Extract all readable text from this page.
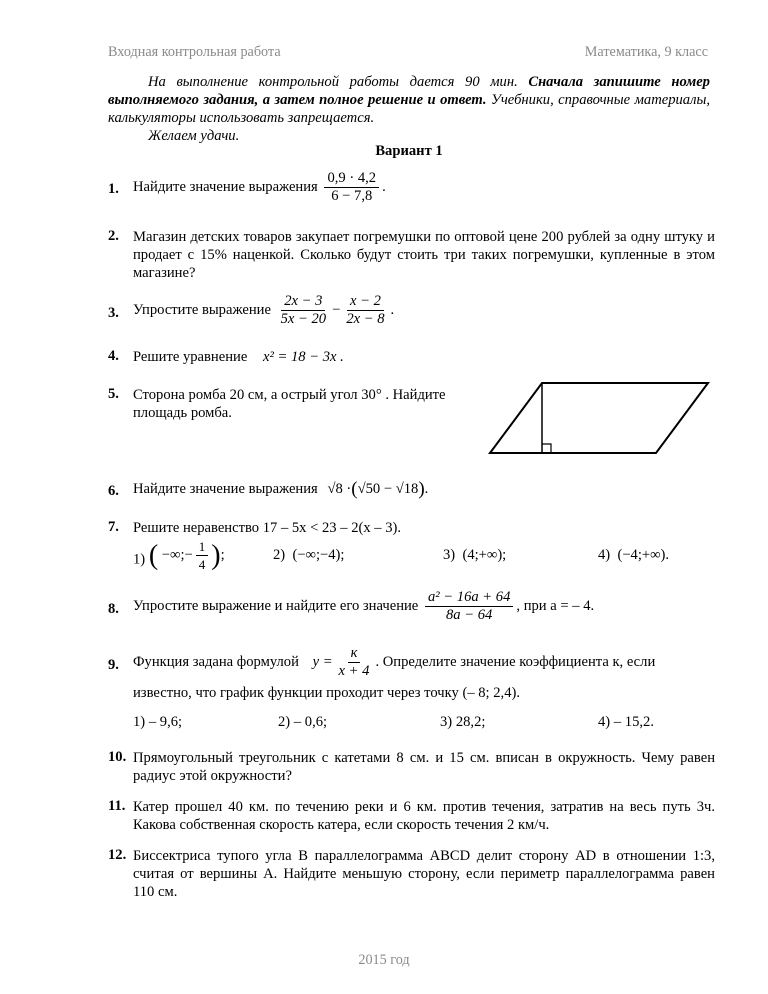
Входная контрольная работа	Математика, 9 класс
На выполнение контрольной работы дается 90 мин. Сначала запишите номер выполняемого задания, а затем полное решение и ответ. Учебники, справочные материалы, калькуляторы использовать запрещается.
Желаем удачи.
Вариант 1
1. Найдите значение выражения $\frac{0,9 \cdot 4,2}{6 - 7,8}$ .
2. Магазин детских товаров закупает погремушки по оптовой цене 200 рублей за одну штуку и продает с 15% наценкой. Сколько будут стоить три таких погремушки, купленные в этом магазине?
3. Упростите выражение $\frac{2x - 3}{5x - 20} - \frac{x - 2}{2x - 8}$ .
4. Решите уравнение x² = 18 − 3x .
5. Сторона ромба 20 см, а острый угол 30° . Найдите площадь ромба.
6. Найдите значение выражения √8 ·(√50 − √18).
7. Решите неравенство 17 – 5x < 23 – 2(x – 3).
1) ( −∞;− $\frac{1}{4}$ ) ;	2) (−∞;−4);	3) (4;+∞);	4) (−4;+∞).
8. Упростите выражение и найдите его значение $\frac{\text{a² − 16a + 64}}{8a - 64}$ , при a = – 4.
9. Функция задана формулой $y = \frac{к}{x + 4}$ . Определите значение коэффициента к, если
известно, что график функции проходит через точку (– 8; 2,4).
1) – 9,6;	2) – 0,6;	3) 28,2;	4) – 15,2.
10. Прямоугольный треугольник с катетами 8 см. и 15 см. вписан в окружность. Чему равен радиус этой окружности?
11. Катер прошел 40 км. по течению реки и 6 км. против течения, затратив на весь путь 3ч. Какова собственная скорость катера, если скорость течения 2 км/ч.
12. Биссектриса тупого угла B параллелограмма ABCD делит сторону AD в отношении 1:3, считая от вершины A. Найдите меньшую сторону, если периметр параллелограмма равен 110 см.
2015 год
